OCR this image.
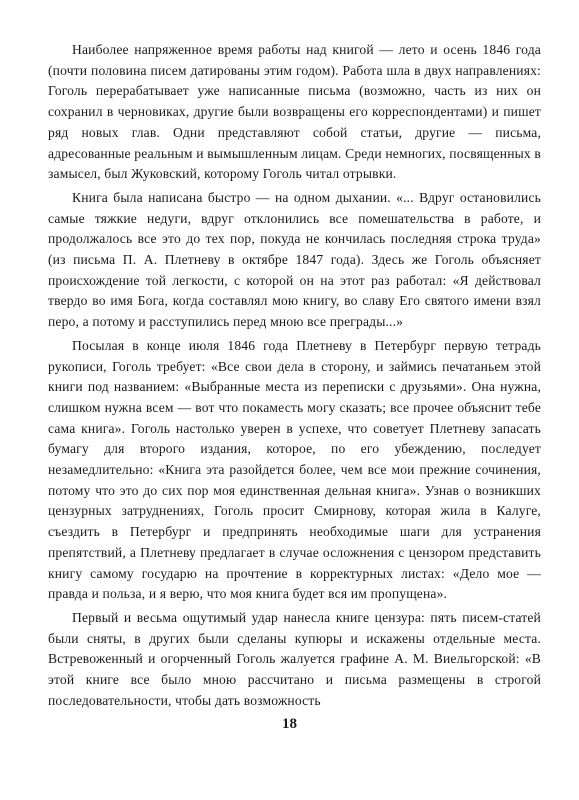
Наиболее напряженное время работы над книгой — лето и осень 1846 года (почти половина писем датированы этим годом). Работа шла в двух направлениях: Гоголь перерабатывает уже написанные письма (возможно, часть из них он сохранил в черновиках, другие были возвращены его корреспондентами) и пишет ряд новых глав. Одни представляют собой статьи, другие — письма, адресованные реальным и вымышленным лицам. Среди немногих, посвященных в замысел, был Жуковский, которому Гоголь читал отрывки.

Книга была написана быстро — на одном дыхании. «... Вдруг остановились самые тяжкие недуги, вдруг отклонились все помешательства в работе, и продолжалось все это до тех пор, покуда не кончилась последняя строка труда» (из письма П. А. Плетневу в октябре 1847 года). Здесь же Гоголь объясняет происхождение той легкости, с которой он на этот раз работал: «Я действовал твердо во имя Бога, когда составлял мою книгу, во славу Его святого имени взял перо, а потому и расступились перед мною все преграды...»

Посылая в конце июля 1846 года Плетневу в Петербург первую тетрадь рукописи, Гоголь требует: «Все свои дела в сторону, и займись печатаньем этой книги под названием: «Выбранные места из переписки с друзьями». Она нужна, слишком нужна всем — вот что покаместь могу сказать; все прочее объяснит тебе сама книга». Гоголь настолько уверен в успехе, что советует Плетневу запасать бумагу для второго издания, которое, по его убеждению, последует незамедлительно: «Книга эта разойдется более, чем все мои прежние сочинения, потому что это до сих пор моя единственная дельная книга». Узнав о возникших цензурных затруднениях, Гоголь просит Смирнову, которая жила в Калуге, съездить в Петербург и предпринять необходимые шаги для устранения препятствий, а Плетневу предлагает в случае осложнения с цензором представить книгу самому государю на прочтение в корректурных листах: «Дело мое — правда и польза, и я верю, что моя книга будет вся им пропущена».

Первый и весьма ощутимый удар нанесла книге цензура: пять писем-статей были сняты, в других были сделаны купюры и искажены отдельные места. Встревоженный и огорченный Гоголь жалуется графине А. М. Виельгорской: «В этой книге все было мною рассчитано и письма размещены в строгой последовательности, чтобы дать возможность

18
